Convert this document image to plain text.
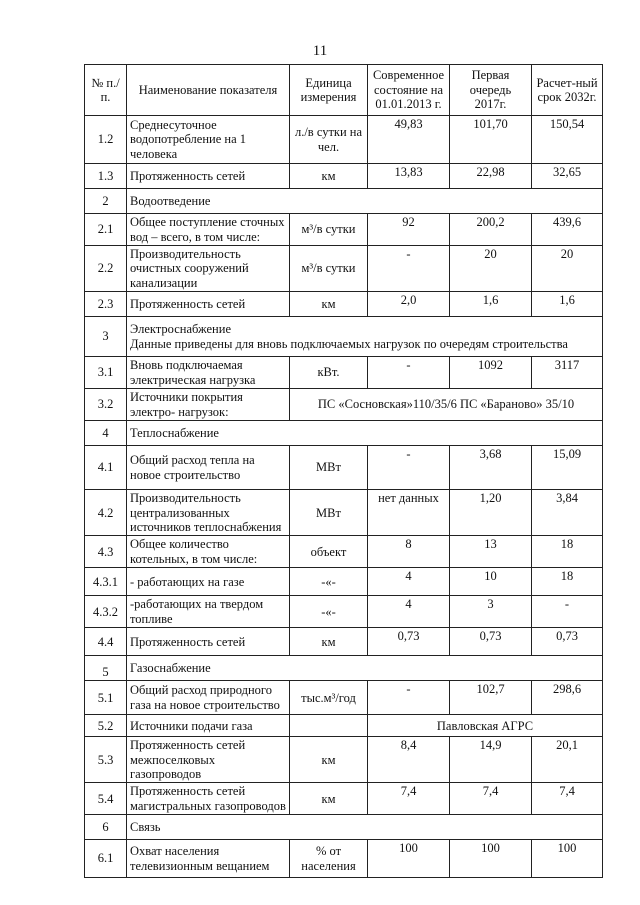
11
№ п./п.	Наименование показателя	Единица измерения	Современное состояние на 01.01.2013 г.	Первая очередь 2017г.	Расчет-ный срок 2032г.
1.2	Среднесуточное водопотребление на 1 человека	л./в сутки на чел.	49,83	101,70	150,54
1.3	Протяженность сетей	км	13,83	22,98	32,65
2	Водоотведение				
2.1	Общее поступление сточных вод – всего, в том числе:	м³/в сутки	92	200,2	439,6
2.2	Производительность очистных сооружений канализации	м³/в сутки	-	20	20
2.3	Протяженность сетей	км	2,0	1,6	1,6
3	Электроснабжение
Данные приведены для вновь подключаемых нагрузок по очередям строительства				
3.1	Вновь подключаемая электрическая нагрузка	кВт.	-	1092	3117
3.2	Источники покрытия электро- нагрузок:	ПС «Сосновская»110/35/6 ПС «Бараново» 35/10			
4	Теплоснабжение				
4.1	Общий расход тепла на новое строительство	МВт	-	3,68	15,09
4.2	Производительность централизованных источников теплоснабжения	МВт	нет данных	1,20	3,84
4.3	Общее количество котельных, в том числе:	объект	8	13	18
4.3.1	- работающих на газе	-«-	4	10	18
4.3.2	-работающих на твердом топливе	-«-	4	3	-
4.4	Протяженность сетей	км	0,73	0,73	0,73
5	Газоснабжение				

5.1	Общий расход природного газа на новое строительство	тыс.м³/год	-	102,7	298,6
5.2	Источники подачи газа		Павловская АГРС		
5.3	Протяженность сетей межпоселковых газопроводов	км	8,4	14,9	20,1
5.4	Протяженность сетей магистральных газопроводов	км	7,4	7,4	7,4
6	Связь				
6.1	Охват населения телевизионным вещанием	% от населения	100	100	100
